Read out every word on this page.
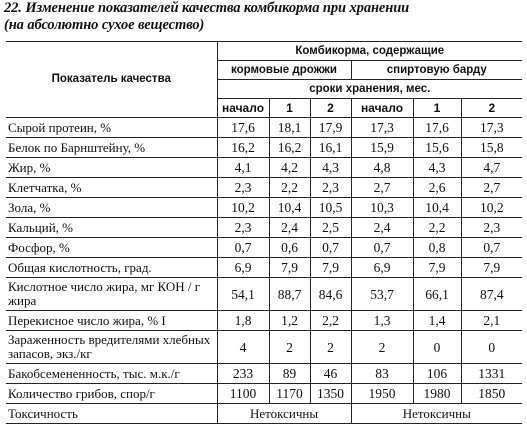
22. Изменение показателей качества комбикорма при хранении
(на абсолютно сухое вещество)
Показатель качества	Комбикорма, содержащие					
	кормовые дрожжи			спиртовую барду		
	сроки хранения, мес.					
	начало	1	2	начало	1	2
Сырой протеин, %	17,6	18,1	17,9	17,3	17,6	17,3
Белок по Барнштейну, %	16,2	16,2	16,1	15,9	15,6	15,8
Жир, %	4,1	4,2	4,3	4,8	4,3	4,7
Клетчатка, %	2,3	2,2	2,3	2,7	2,6	2,7
Зола, %	10,2	10,4	10,5	10,3	10,4	10,2
Кальций, %	2,3	2,4	2,5	2,4	2,2	2,3
Фосфор, %	0,7	0,6	0,7	0,7	0,8	0,7
Общая кислотность, град.	6,9	7,9	7,9	6,9	7,9	7,9
Кислотное число жира, мг КОН / г жира	54,1	88,7	84,6	53,7	66,1	87,4
Перекисное число жира, % I	1,8	1,2	2,2	1,3	1,4	2,1
Зараженность вредителями хлебных запасов, экз./кг	4	2	2	2	0	0
Бакобсемененность, тыс. м.к./г	233	89	46	83	106	1331
Количество грибов, спор/г	1100	1170	1350	1950	1980	1850
Токсичность	Нетоксичны			Нетоксичны		
